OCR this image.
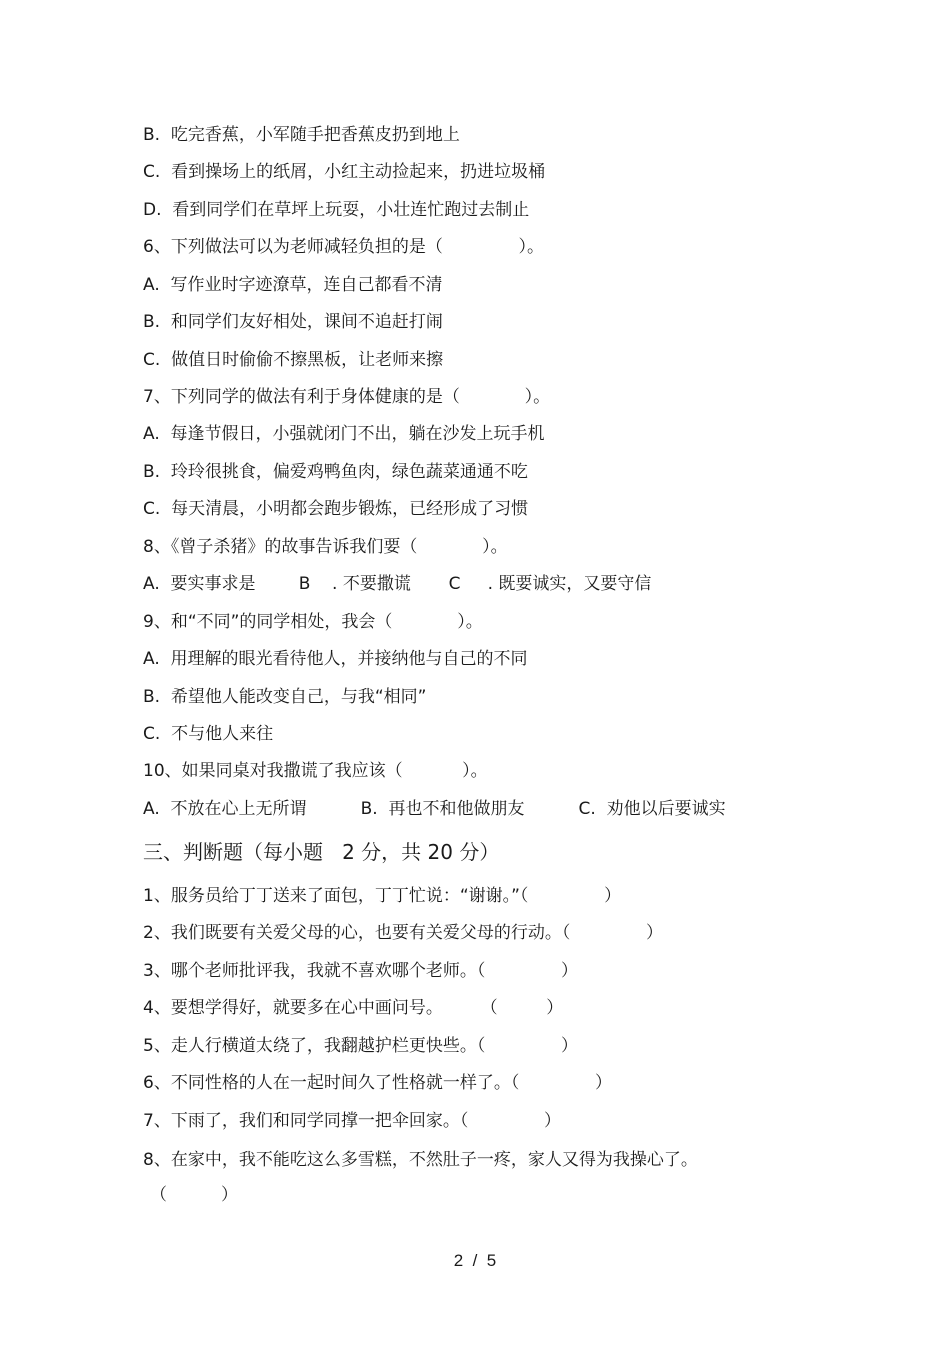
B.  吃完香蕉，小军随手把香蕉皮扔到地上

C.  看到操场上的纸屑，小红主动捡起来，扔进垃圾桶

D.  看到同学们在草坪上玩耍，小壮连忙跑过去制止

6、下列做法可以为老师减轻负担的是（              ）。

A.  写作业时字迹潦草，连自己都看不清

B.  和同学们友好相处，课间不追赶打闹

C.  做值日时偷偷不擦黑板，让老师来擦

7、下列同学的做法有利于身体健康的是（            ）。

A.  每逢节假日，小强就闭门不出，躺在沙发上玩手机

B.  玲玲很挑食，偏爱鸡鸭鱼肉，绿色蔬菜通通不吃

C.  每天清晨，小明都会跑步锻炼，已经形成了习惯

8、《曾子杀猪》的故事告诉我们要（            ）。

A.  要实事求是        B    . 不要撒谎       C     . 既要诚实，又要守信

9、和“不同”的同学相处，我会（            ）。

A.  用理解的眼光看待他人，并接纳他与自己的不同

B.  希望他人能改变自己，与我“相同”

C.  不与他人来往

10、如果同桌对我撒谎了我应该（           ）。

A.  不放在心上无所谓          B.  再也不和他做朋友          C.  劝他以后要诚实

三、判断题（每小题   2 分，共 20 分）

1、服务员给丁丁送来了面包，丁丁忙说：“谢谢。”（              ）

2、我们既要有关爱父母的心，也要有关爱父母的行动。（              ）

3、哪个老师批评我，我就不喜欢哪个老师。（              ）

4、要想学得好，就要多在心中画问号。       （         ）

5、走人行横道太绕了，我翻越护栏更快些。（              ）

6、不同性格的人在一起时间久了性格就一样了。（              ）

7、下雨了，我们和同学同撑一把伞回家。（              ）

8、在家中，我不能吃这么多雪糕，不然肚子一疼，家人又得为我操心了。

（          ）

2  /  5
